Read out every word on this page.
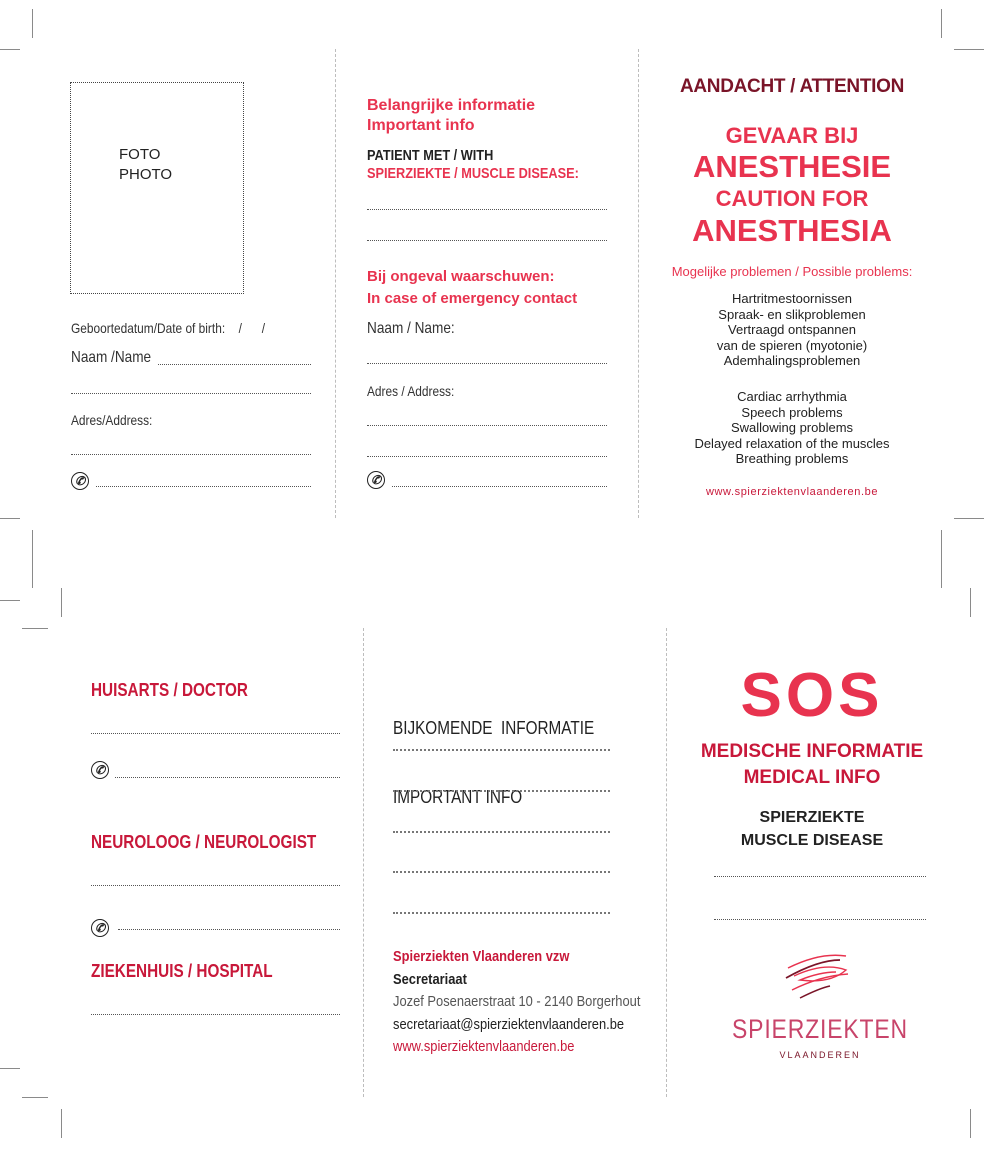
FOTO
PHOTO
Geboortedatum/Date of birth: /      /
Naam /Name
Adres/Address:
✆
Belangrijke informatie
Important info
PATIENT MET / WITH
SPIERZIEKTE / MUSCLE DISEASE:
Bij ongeval waarschuwen:
In case of emergency contact
Naam / Name:
Adres / Address:
✆
AANDACHT / ATTENTION
GEVAAR BIJ
ANESTHESIE
CAUTION FOR
ANESTHESIA
Mogelijke problemen / Possible problems:
Hartritmestoornissen
Spraak- en slikproblemen
Vertraagd ontspannen
van de spieren (myotonie)
Ademhalingsproblemen
Cardiac arrhythmia
Speech problems
Swallowing problems
Delayed relaxation of the muscles
Breathing problems
www.spierziektenvlaanderen.be
HUISARTS / DOCTOR
✆
NEUROLOOG / NEUROLOGIST
✆
ZIEKENHUIS / HOSPITAL

BIJKOMENDE  INFORMATIE

IMPORTANT INFO

Spierziekten Vlaanderen vzw
Secretariaat
Jozef Posenaerstraat 10 - 2140 Borgerhout
secretariaat@spierziektenvlaanderen.be
www.spierziektenvlaanderen.be
SOS
MEDISCHE INFORMATIE
MEDICAL INFO
SPIERZIEKTE
MUSCLE DISEASE
SPIERZIEKTEN
VLAANDEREN
